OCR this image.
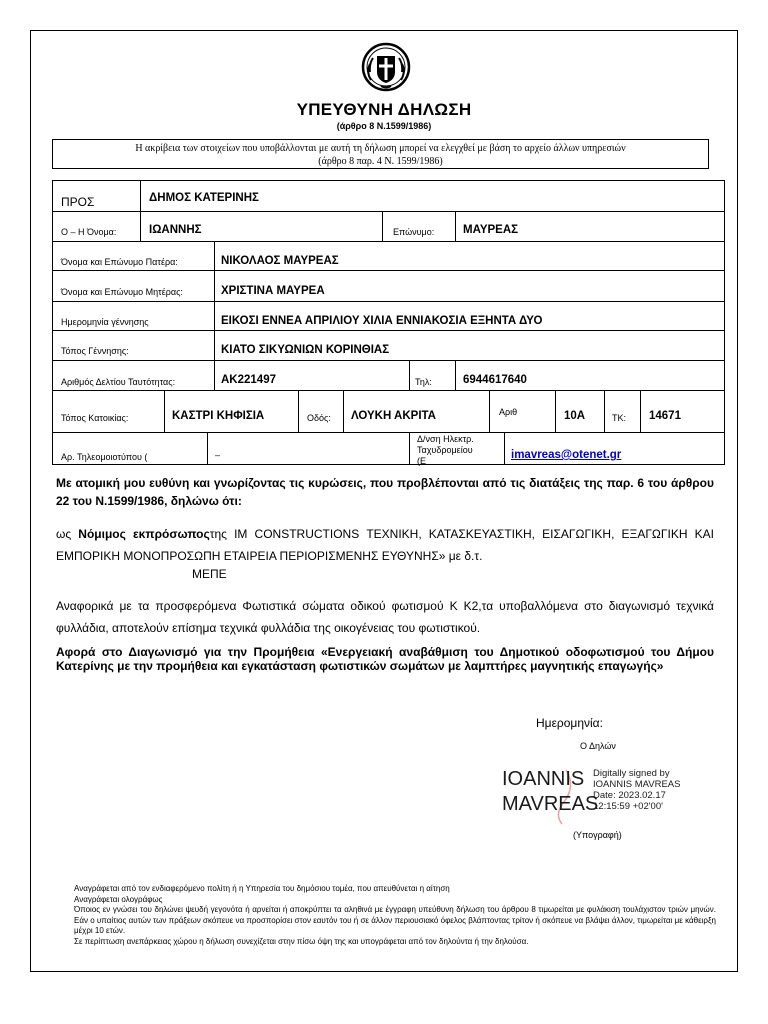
ΥΠΕΥΘΥΝΗ ΔΗΛΩΣΗ
(άρθρο 8 Ν.1599/1986)
Η ακρίβεια των στοιχείων που υποβάλλονται με αυτή τη δήλωση μπορεί να ελεγχθεί με βάση το αρχείο άλλων υπηρεσιών
(άρθρο 8 παρ. 4 Ν. 1599/1986)
ΠΡΟΣ	ΔΗΜΟΣ ΚΑΤΕΡΙΝΗΣ
Ο – Η Όνομα:	ΙΩΑΝΝΗΣ	Επώνυμο:	ΜΑΥΡΕΑΣ
Όνομα και Επώνυμο Πατέρα:	ΝΙΚΟΛΑΟΣ ΜΑΥΡΕΑΣ
Όνομα και Επώνυμο Μητέρας:	ΧΡΙΣΤΙΝΑ ΜΑΥΡΕΑ
Ημερομηνία γέννησης	ΕΙΚΟΣΙ ΕΝΝΕΑ ΑΠΡΙΛΙΟΥ ΧΙΛΙΑ ΕΝΝΙΑΚΟΣΙΑ ΕΞΗΝΤΑ ΔΥΟ
Τόπος Γέννησης:	ΚΙΑΤΟ ΣΙΚΥΩΝΙΩΝ ΚΟΡΙΝΘΙΑΣ
Αριθμός Δελτίου Ταυτότητας:	ΑΚ221497	Τηλ:	6944617640
Τόπος Κατοικίας:	ΚΑΣΤΡΙ ΚΗΦΙΣΙΑ	Οδός: ΛΟΥΚΗ ΑΚΡΙΤΑ	Αριθ	10Α	ΤΚ: 14671
Αρ. Τηλεομοιοτύπου (	–
Δ/νση Ηλεκτρ.
Ταχυδρομείου
(Ε	imavreas@otenet.gr
Με ατομική μου ευθύνη και γνωρίζοντας τις κυρώσεις, που προβλέπονται από τις διατάξεις της παρ. 6 του άρθρου 22 του Ν.1599/1986, δηλώνω ότι:
ως Νόμιμος εκπρόσωποςτης IM CONSTRUCTIONS ΤΕΧΝΙΚΗ, ΚΑΤΑΣΚΕΥΑΣΤΙΚΗ, ΕΙΣΑΓΩΓΙΚΗ, ΕΞΑΓΩΓΙΚΗ ΚΑΙ ΕΜΠΟΡΙΚΗ ΜΟΝΟΠΡΟΣΩΠΗ ΕΤΑΙΡΕΙΑ ΠΕΡΙΟΡΙΣΜΕΝΗΣ ΕΥΘΥΝΗΣ» με δ.τ.
ΜΕΠΕ
Αναφορικά με τα προσφερόμενα Φωτιστικά σώματα οδικού φωτισμού Κ Κ2,τα υποβαλλόμενα στο διαγωνισμό τεχνικά φυλλάδια, αποτελούν επίσημα τεχνικά φυλλάδια της οικογένειας του φωτιστικού.
Αφορά στο Διαγωνισμό για την Προμήθεια «Ενεργειακή αναβάθμιση του Δημοτικού οδοφωτισμού του Δήμου Κατερίνης με την προμήθεια και εγκατάσταση φωτιστικών σωμάτων με λαμπτήρες μαγνητικής επαγωγής»
Ημερομηνία:
Ο Δηλών
IOANNIS
MAVREAS
Digitally signed by
IOANNIS MAVREAS
Date: 2023.02.17
12:15:59 +02'00'
(Υπογραφή)
Αναγράφεται από τον ενδιαφερόμενο πολίτη ή η Υπηρεσία του δημόσιου τομέα, που απευθύνεται η αίτηση
Αναγράφεται ολογράφως
Όποιος εν γνώσει του δηλώνει ψευδή γεγονότα ή αρνείται ή αποκρύπτει τα αληθινά με έγγραφη υπεύθυνη δήλωση του άρθρου 8 τιμωρείται με φυλάκιση τουλάχιστον τριών μηνών. Εάν ο υπαίτιος αυτών των πράξεων σκόπευε να προσπορίσει στον εαυτόν του ή σε άλλον περιουσιακό όφελος βλάπτοντας τρίτον ή σκόπευε να βλάψει άλλον, τιμωρείται με κάθειρξη μέχρι 10 ετών.
Σε περίπτωση ανεπάρκειας χώρου η δήλωση συνεχίζεται στην πίσω όψη της και υπογράφεται από τον δηλούντα ή την δηλούσα.
